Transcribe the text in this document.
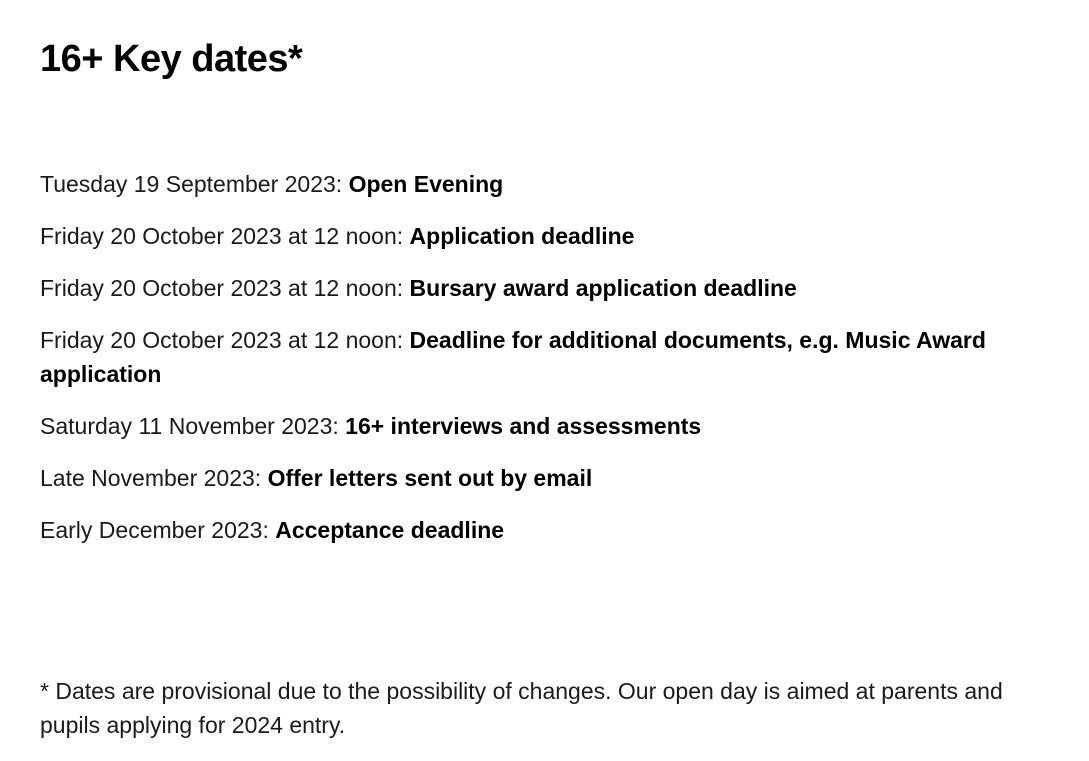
16+ Key dates*
Tuesday 19 September 2023: Open Evening
Friday 20 October 2023 at 12 noon: Application deadline
Friday 20 October 2023 at 12 noon: Bursary award application deadline
Friday 20 October 2023 at 12 noon: Deadline for additional documents, e.g. Music Award application
Saturday 11 November 2023: 16+ interviews and assessments
Late November 2023: Offer letters sent out by email
Early December 2023: Acceptance deadline

* Dates are provisional due to the possibility of changes. Our open day is aimed at parents and pupils applying for 2024 entry.
